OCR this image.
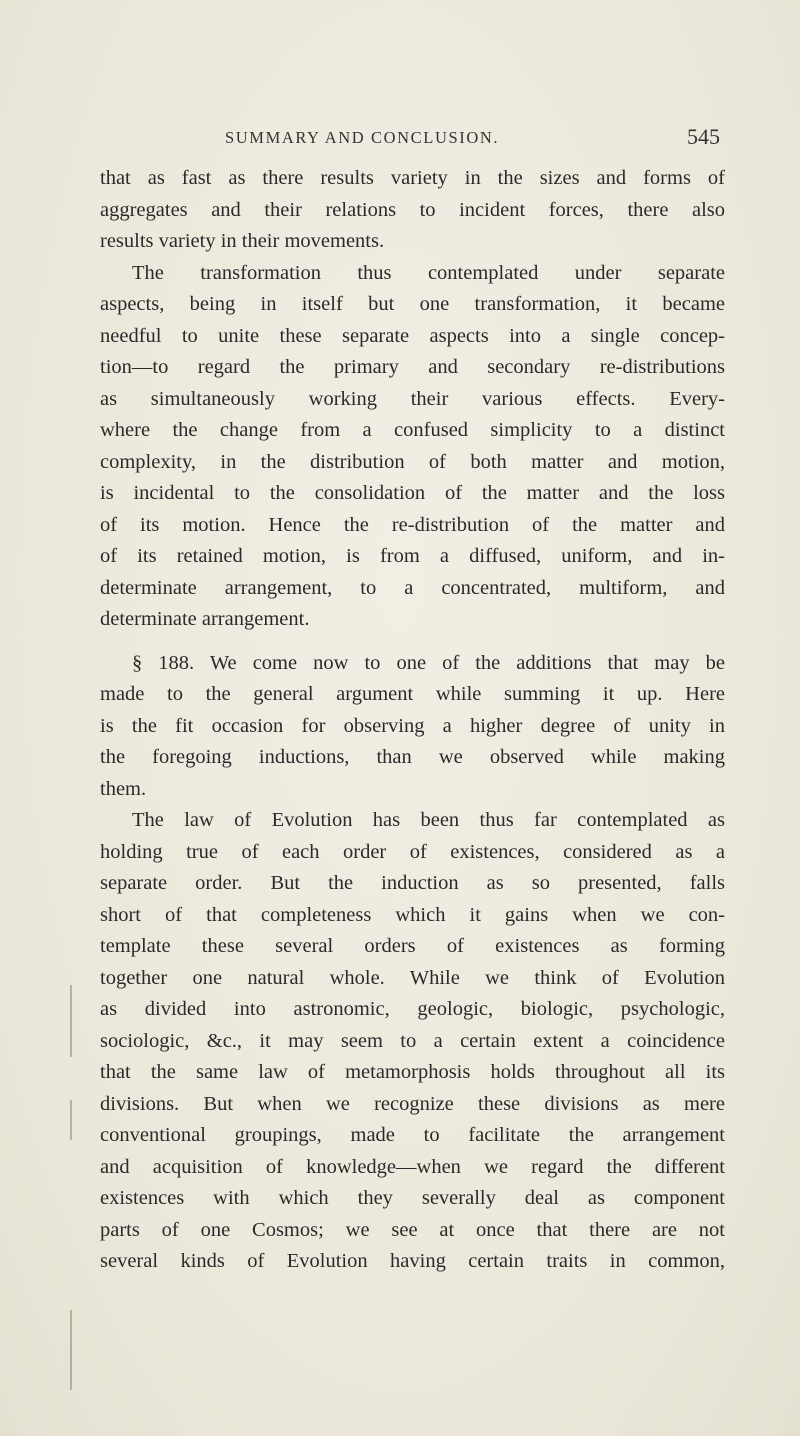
SUMMARY AND CONCLUSION.	545
that as fast as there results variety in the sizes and forms of
aggregates and their relations to incident forces, there also
results variety in their movements.
The transformation thus contemplated under separate
aspects, being in itself but one transformation, it became
needful to unite these separate aspects into a single concep-
tion—to regard the primary and secondary re-distributions
as simultaneously working their various effects. Every-
where the change from a confused simplicity to a distinct
complexity, in the distribution of both matter and motion,
is incidental to the consolidation of the matter and the loss
of its motion. Hence the re-distribution of the matter and
of its retained motion, is from a diffused, uniform, and in-
determinate arrangement, to a concentrated, multiform, and
determinate arrangement.
§ 188. We come now to one of the additions that may be
made to the general argument while summing it up. Here
is the fit occasion for observing a higher degree of unity in
the foregoing inductions, than we observed while making
them.
The law of Evolution has been thus far contemplated as
holding true of each order of existences, considered as a
separate order. But the induction as so presented, falls
short of that completeness which it gains when we con-
template these several orders of existences as forming
together one natural whole. While we think of Evolution
as divided into astronomic, geologic, biologic, psychologic,
sociologic, &c., it may seem to a certain extent a coincidence
that the same law of metamorphosis holds throughout all its
divisions. But when we recognize these divisions as mere
conventional groupings, made to facilitate the arrangement
and acquisition of knowledge—when we regard the different
existences with which they severally deal as component
parts of one Cosmos; we see at once that there are not
several kinds of Evolution having certain traits in common,
